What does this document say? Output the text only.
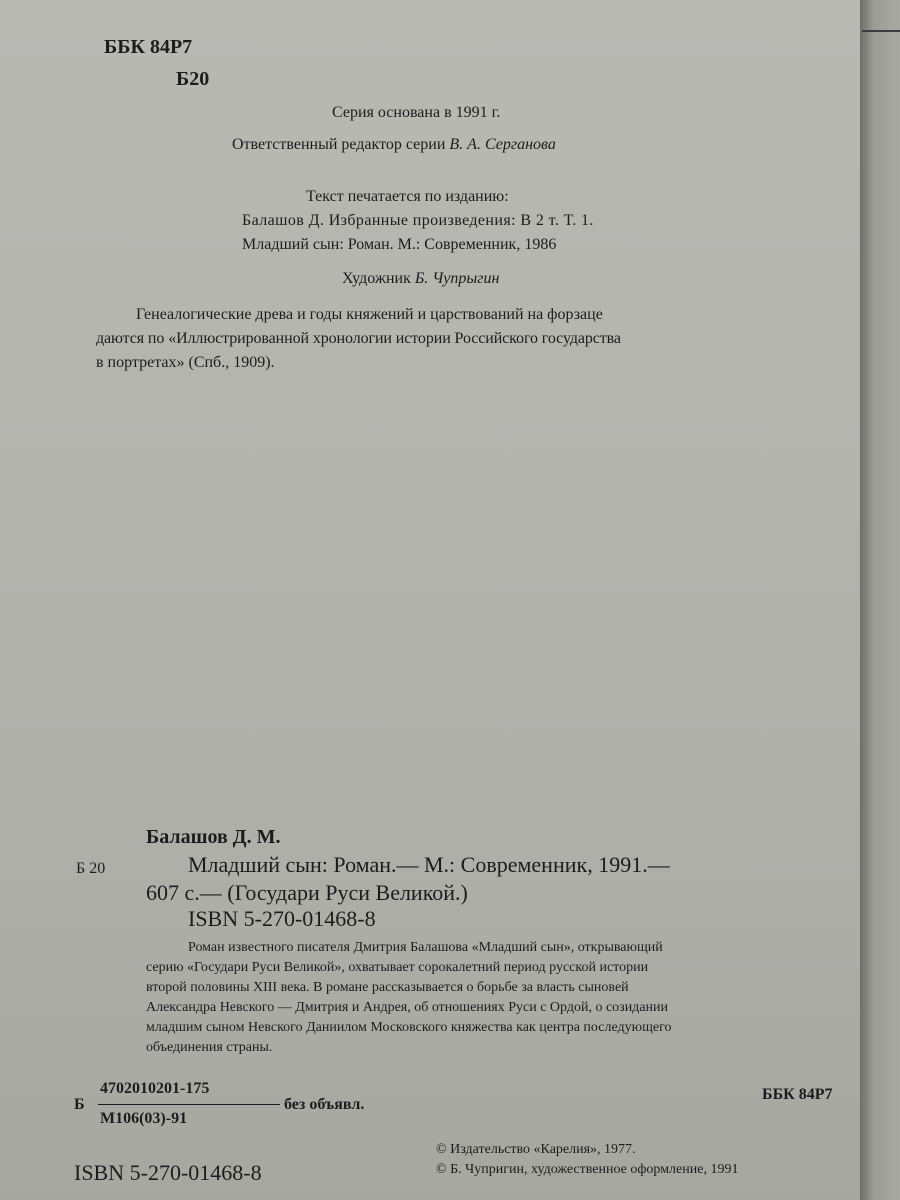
ББК 84Р7

Б20

Серия основана в 1991 г.

Ответственный редактор серии В. А. Серганова

Текст печатается по изданию:

Балашов Д. Избранные произведения: В 2 т. Т. 1.

Младший сын: Роман. М.: Современник, 1986

Художник Б. Чупрыгин

Генеалогические древа и годы княжений и царствований на форзаце

даются по «Иллюстрированной хронологии истории Российского государства

в портретах» (Спб., 1909).

Балашов Д. М.

Б 20	Младший сын: Роман.— М.: Современник, 1991.—

607 с.— (Государи Руси Великой.)

ISBN 5-270-01468-8

Роман известного писателя Дмитрия Балашова «Младший сын», открывающий

серию «Государи Руси Великой», охватывает сорокалетний период русской истории

второй половины XIII века. В романе рассказывается о борьбе за власть сыновей

Александра Невского — Дмитрия и Андрея, об отношениях Руси с Ордой, о созидании

младшим сыном Невского Даниилом Московского княжества как центра последующего

объединения страны.

Б

4702010201-175

М106(03)-91

без объявл.

ББК 84Р7

© Издательство «Карелия», 1977.

© Б. Чупригин, художественное оформление, 1991

ISBN 5-270-01468-8
